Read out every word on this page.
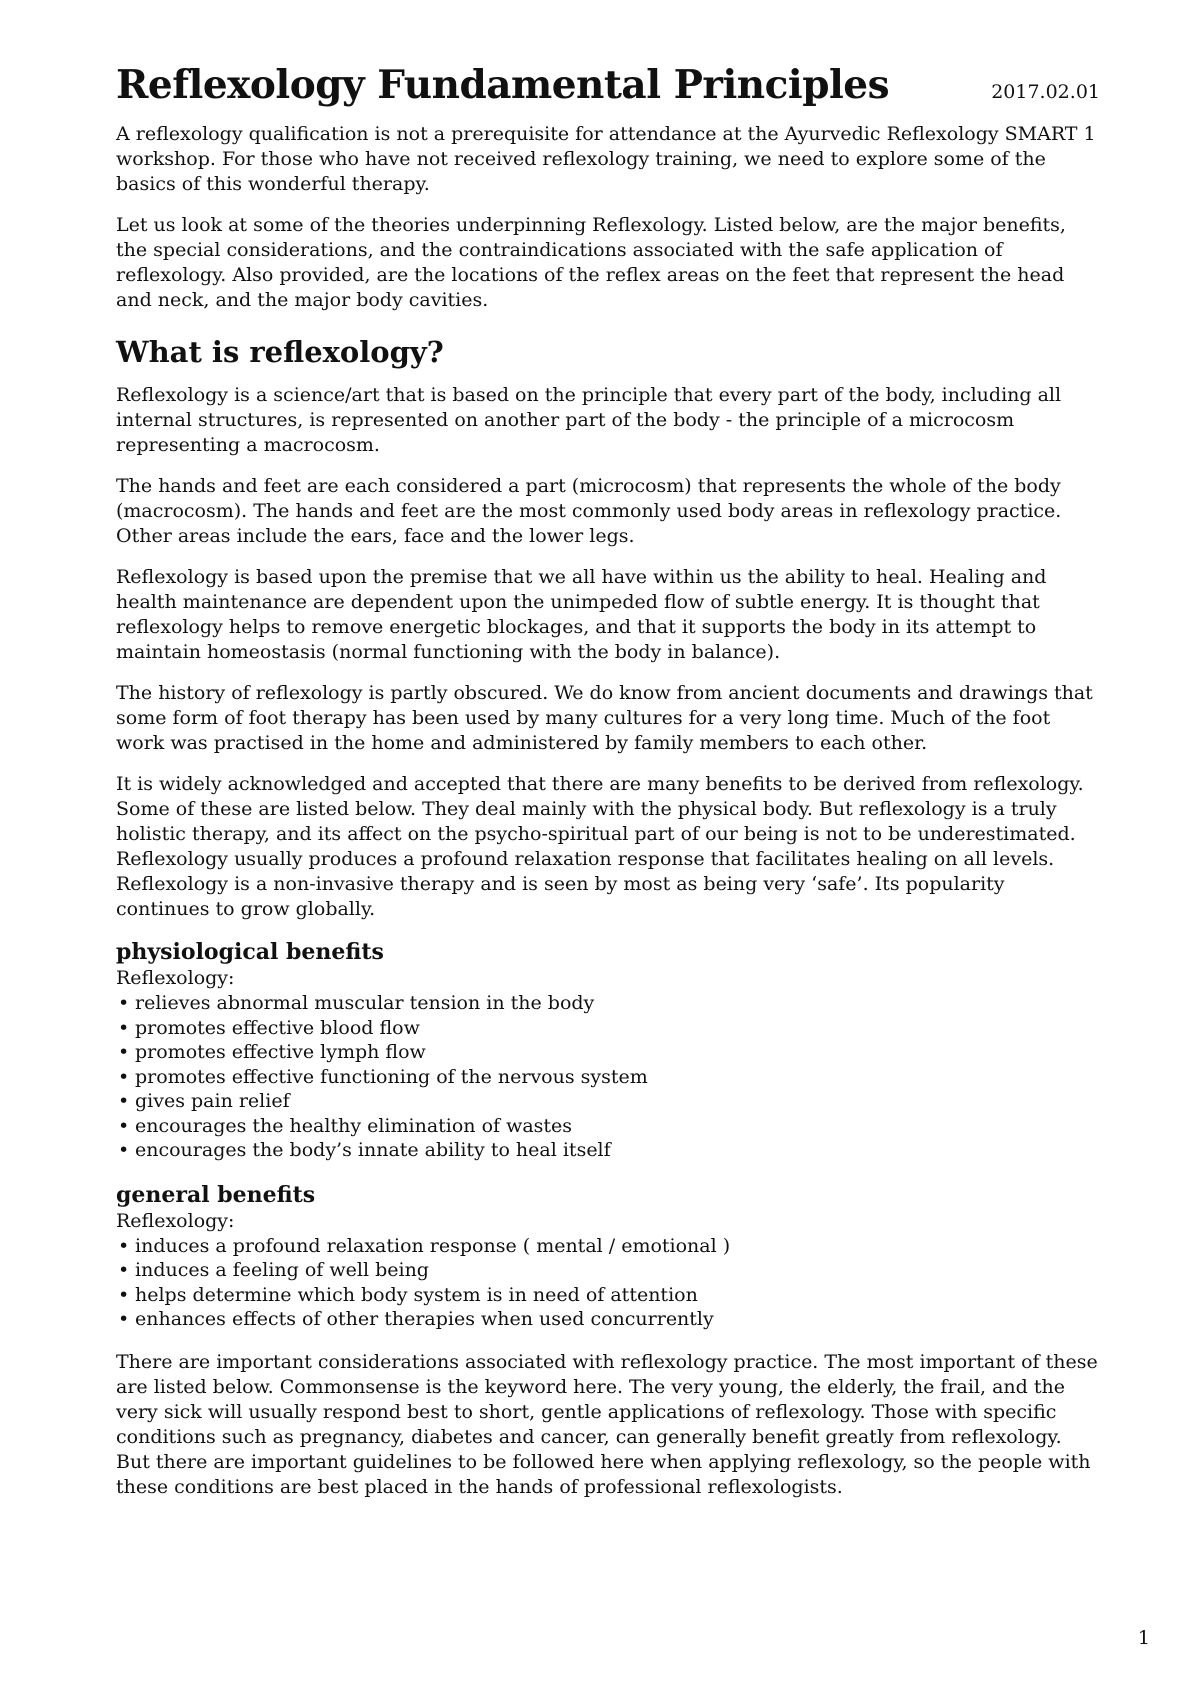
Reflexology Fundamental Principles	2017.02.01

A reflexology qualification is not a prerequisite for attendance at the Ayurvedic Reflexology SMART 1 workshop. For those who have not received reflexology training, we need to explore some of the basics of this wonderful therapy.

Let us look at some of the theories underpinning Reflexology. Listed below, are the major benefits, the special considerations, and the contraindications associated with the safe application of reflexology. Also provided, are the locations of the reflex areas on the feet that represent the head and neck, and the major body cavities.

What is reflexology?

Reflexology is a science/art that is based on the principle that every part of the body, including all internal structures, is represented on another part of the body - the principle of a microcosm representing a macrocosm.

The hands and feet are each considered a part (microcosm) that represents the whole of the body (macrocosm). The hands and feet are the most commonly used body areas in reflexology practice. Other areas include the ears, face and the lower legs.

Reflexology is based upon the premise that we all have within us the ability to heal. Healing and health maintenance are dependent upon the unimpeded flow of subtle energy. It is thought that reflexology helps to remove energetic blockages, and that it supports the body in its attempt to maintain homeostasis (normal functioning with the body in balance).

The history of reflexology is partly obscured. We do know from ancient documents and drawings that some form of foot therapy has been used by many cultures for a very long time. Much of the foot work was practised in the home and administered by family members to each other.

It is widely acknowledged and accepted that there are many benefits to be derived from reflexology. Some of these are listed below. They deal mainly with the physical body. But reflexology is a truly holistic therapy, and its affect on the psycho-spiritual part of our being is not to be underestimated. Reflexology usually produces a profound relaxation response that facilitates healing on all levels. Reflexology is a non-invasive therapy and is seen by most as being very ‘safe’. Its popularity continues to grow globally.

physiological benefits
Reflexology:
• relieves abnormal muscular tension in the body
• promotes effective blood flow
• promotes effective lymph flow
• promotes effective functioning of the nervous system
• gives pain relief
• encourages the healthy elimination of wastes
• encourages the body’s innate ability to heal itself
general benefits
Reflexology:
• induces a profound relaxation response ( mental / emotional )
• induces a feeling of well being
• helps determine which body system is in need of attention
• enhances effects of other therapies when used concurrently

There are important considerations associated with reflexology practice. The most important of these are listed below. Commonsense is the keyword here. The very young, the elderly, the frail, and the very sick will usually respond best to short, gentle applications of reflexology. Those with specific conditions such as pregnancy, diabetes and cancer, can generally benefit greatly from reflexology. But there are important guidelines to be followed here when applying reflexology, so the people with these conditions are best placed in the hands of professional reflexologists.

1
